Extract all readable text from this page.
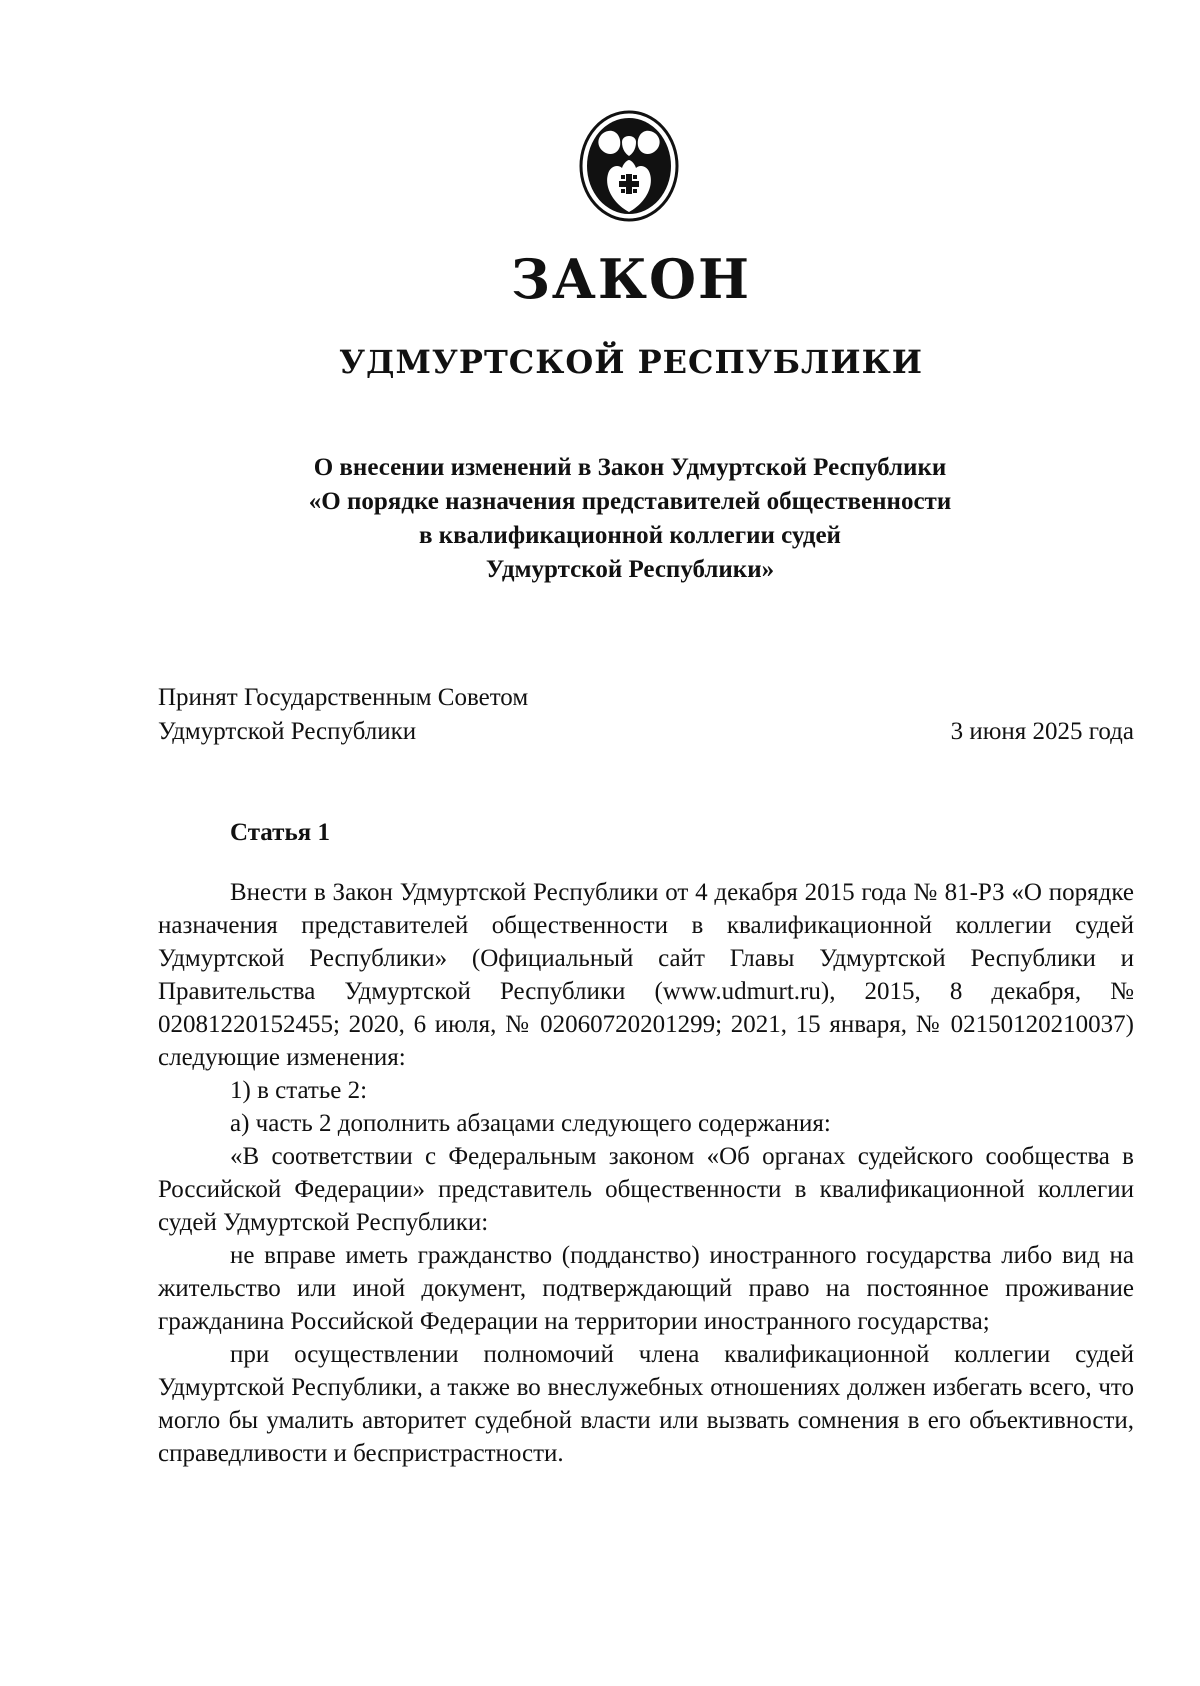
ЗАКОН
УДМУРТСКОЙ РЕСПУБЛИКИ
О внесении изменений в Закон Удмуртской Республики
«О порядке назначения представителей общественности
в квалификационной коллегии судей
Удмуртской Республики»
Принят Государственным Советом
Удмуртской Республики	3 июня 2025 года
Статья 1

Внести в Закон Удмуртской Республики от 4 декабря 2015 года № 81-РЗ «О порядке назначения представителей общественности в квалификационной коллегии судей Удмуртской Республики» (Официальный сайт Главы Удмуртской Республики и Правительства Удмуртской Республики (www.udmurt.ru), 2015, 8 декабря, № 02081220152455; 2020, 6 июля, № 02060720201299; 2021, 15 января, № 02150120210037) следующие изменения:

1) в статье 2:

а) часть 2 дополнить абзацами следующего содержания:

«В соответствии с Федеральным законом «Об органах судейского сообщества в Российской Федерации» представитель общественности в квалификационной коллегии судей Удмуртской Республики:

не вправе иметь гражданство (подданство) иностранного государства либо вид на жительство или иной документ, подтверждающий право на постоянное проживание гражданина Российской Федерации на территории иностранного государства;

при осуществлении полномочий члена квалификационной коллегии судей Удмуртской Республики, а также во внеслужебных отношениях должен избегать всего, что могло бы умалить авторитет судебной власти или вызвать сомнения в его объективности, справедливости и беспристрастности.
